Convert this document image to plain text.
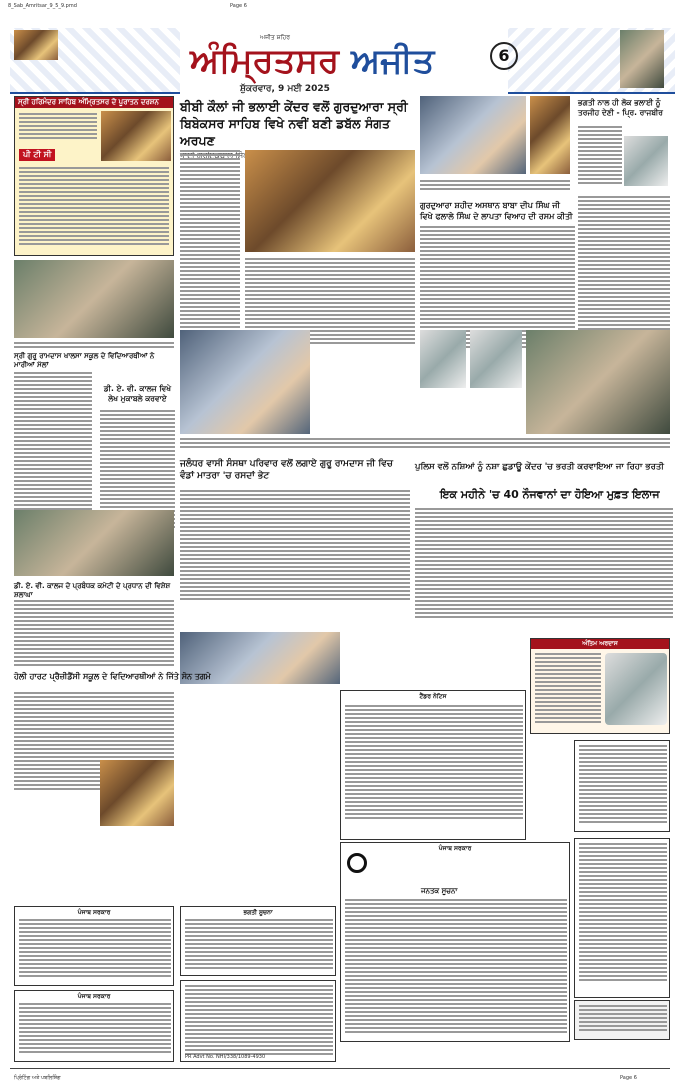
8_Sab_Amritsar_9_5_9.pmd	Page 6
ਅਜੀਤ ਸ਼ਹਿਰ
ਅੰਮ੍ਰਿਤਸਰ ਅਜੀਤ
ਸ਼ੁੱਕਰਵਾਰ, 9 ਮਈ 2025
6
ਸ੍ਰੀ ਹਰਿਮੰਦਰ ਸਾਹਿਬ ਅੰਮ੍ਰਿਤਸਰ ਦੇ ਪੂਰਾਤਨ ਦਰਸ਼ਨ
ਪੀ ਟੀ ਸੀ
ਬੀਬੀ ਕੌਲਾਂ ਜੀ ਭਲਾਈ ਕੇਂਦਰ ਵਲੋਂ ਗੁਰਦੁਆਰਾ ਸ੍ਰੀ
ਬਿਬੇਕਸਰ ਸਾਹਿਬ ਵਿਖੇ ਨਵੀਂ ਬਣੀ ਡਬੱਲ ਸੰਗਤ ਅਰਪਣ
ਸਿੰਘ
ਗੁਰਦੁਆਰਾ ਸ਼ਹੀਦ ਅਸਥਾਨ ਬਾਬਾ ਦੀਪ ਸਿੰਘ ਜੀ ਵਿਖੇ ਫਲਾਲੇ ਸਿੰਘ ਦੇ ਲਾਪਤਾ ਵਿਆਹ ਦੀ ਰਸਮ ਕੀਤੀ
ਭਗਤੀ ਨਾਲ ਹੀ ਲੋਕ ਭਲਾਈ ਨੂੰ ਤਰਜੀਹ ਦੇਣੀ - ਪ੍ਰਿ. ਰਾਜਬੀਰ
ਸ੍ਰੀ ਗੁਰੂ ਰਾਮਦਾਸ ਖਾਲਸਾ ਸਕੂਲ ਦੇ ਵਿਦਿਆਰਥੀਆਂ ਨੇ ਮਾਰੀਆਂ ਮੱਲਾਂ
ਡੀ. ਏ. ਵੀ. ਕਾਲਜ ਵਿਖੇ ਲੇਖ ਮੁਕਾਬਲੇ ਕਰਵਾਏ
ਜਲੰਧਰ ਵਾਸੀ ਸੰਸਥਾ ਪਰਿਵਾਰ ਵਲੋਂ ਲਗਾਏ ਗੁਰੂ ਰਾਮਦਾਸ ਜੀ ਵਿਚ ਵੰਡਾਂ ਮਾਤਰਾ 'ਚ ਰਸਦਾਂ ਭੇਟ
ਪੁਲਿਸ ਵਲੋਂ ਨਸ਼ਿਆਂ ਨੂੰ ਨਸ਼ਾ ਛੁਡਾਊ ਕੇਂਦਰ 'ਚ ਭਰਤੀ ਕਰਵਾਇਆ ਜਾ ਰਿਹਾ ਭਰਤੀ
ਇਕ ਮਹੀਨੇ 'ਚ 40 ਨੌਜਵਾਨਾਂ ਦਾ ਹੋਇਆ ਮੁਫ਼ਤ ਇਲਾਜ
ਡੀ. ਏ. ਵੀ. ਕਾਲਜ ਦੇ ਪ੍ਰਬੰਧਕ ਕਮੇਟੀ ਦੇ ਪ੍ਰਧਾਨ ਦੀ ਵਿਸ਼ੇਸ਼ ਸ਼ਲਾਘਾ
ਹੋਲੀ ਹਾਰਟ ਪ੍ਰੈਜ਼ੀਡੈਂਸੀ ਸਕੂਲ ਦੇ ਵਿਦਿਆਰਥੀਆਂ ਨੇ ਜਿੱਤੇ ਸੋਨ ਤਗਮੇ
ਅੰਤਿਮ ਅਰਦਾਸ
ਟੈਂਡਰ ਨੋਟਿਸ
ਪੰਜਾਬ ਸਰਕਾਰ
ਜਨਤਕ ਸੂਚਨਾ
ਪੰਜਾਬ ਸਰਕਾਰ
ਪੰਜਾਬ ਸਰਕਾਰ
ਭਗਤੀ ਸੂਚਨਾ
PR Advt No. NHI/338/1089-4930
ਪ੍ਰਿੰਟਿੰਗ ਅਤੇ ਪਬਲਿਸ਼ਿੰਗ	Page 6
